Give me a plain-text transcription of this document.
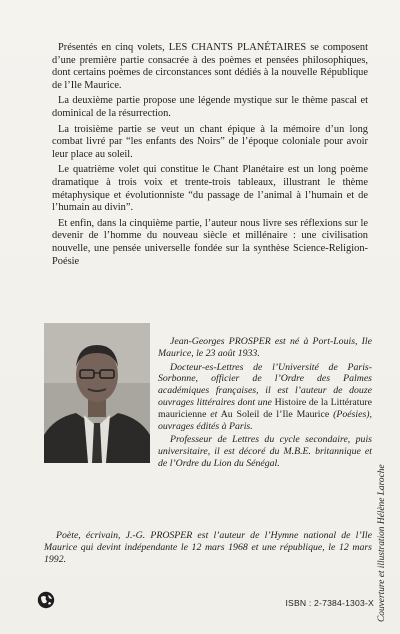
Présentés en cinq volets, LES CHANTS PLANÉTAIRES se composent d’une première partie consacrée à des poèmes et pensées philosophiques, dont certains poèmes de circonstances sont dédiés à la nouvelle République de l’Ile Maurice.

La deuxième partie propose une légende mystique sur le thème pascal et dominical de la résurrection.

La troisième partie se veut un chant épique à la mémoire d’un long combat livré par “les enfants des Noirs” de l’époque coloniale pour avoir leur place au soleil.

Le quatrième volet qui constitue le Chant Planétaire est un long poème dramatique à trois voix et trente-trois tableaux, illustrant le thème métaphysique et évolutionniste “du passage de l’animal à l’humain et de l’humain au divin”.

Et enfin, dans la cinquième partie, l’auteur nous livre ses réflexions sur le devenir de l’homme du nouveau siècle et millénaire : une civilisation nouvelle, une pensée universelle fondée sur la synthèse Science-Religion-Poésie

Jean-Georges PROSPER est né à Port-Louis, Ile Maurice, le 23 août 1933.

Docteur-es-Lettres de l’Université de Paris-Sorbonne, officier de l’Ordre des Palmes académiques françaises, il est l’auteur de douze ouvrages littéraires dont une Histoire de la Littérature mauricienne et Au Soleil de l’Ile Maurice (Poésies), ouvrages édités à Paris.

Professeur de Lettres du cycle secondaire, puis universitaire, il est décoré du M.B.E. britannique et de l’Ordre du Lion du Sénégal.

Poète, écrivain, J.-G. PROSPER est l’auteur de l’Hymne national de l’Ile Maurice qui devint indépendante le 12 mars 1968 et une république, le 12 mars 1992.

ISBN : 2-7384-1303-X Couverture et illustration Hélène Laroche
